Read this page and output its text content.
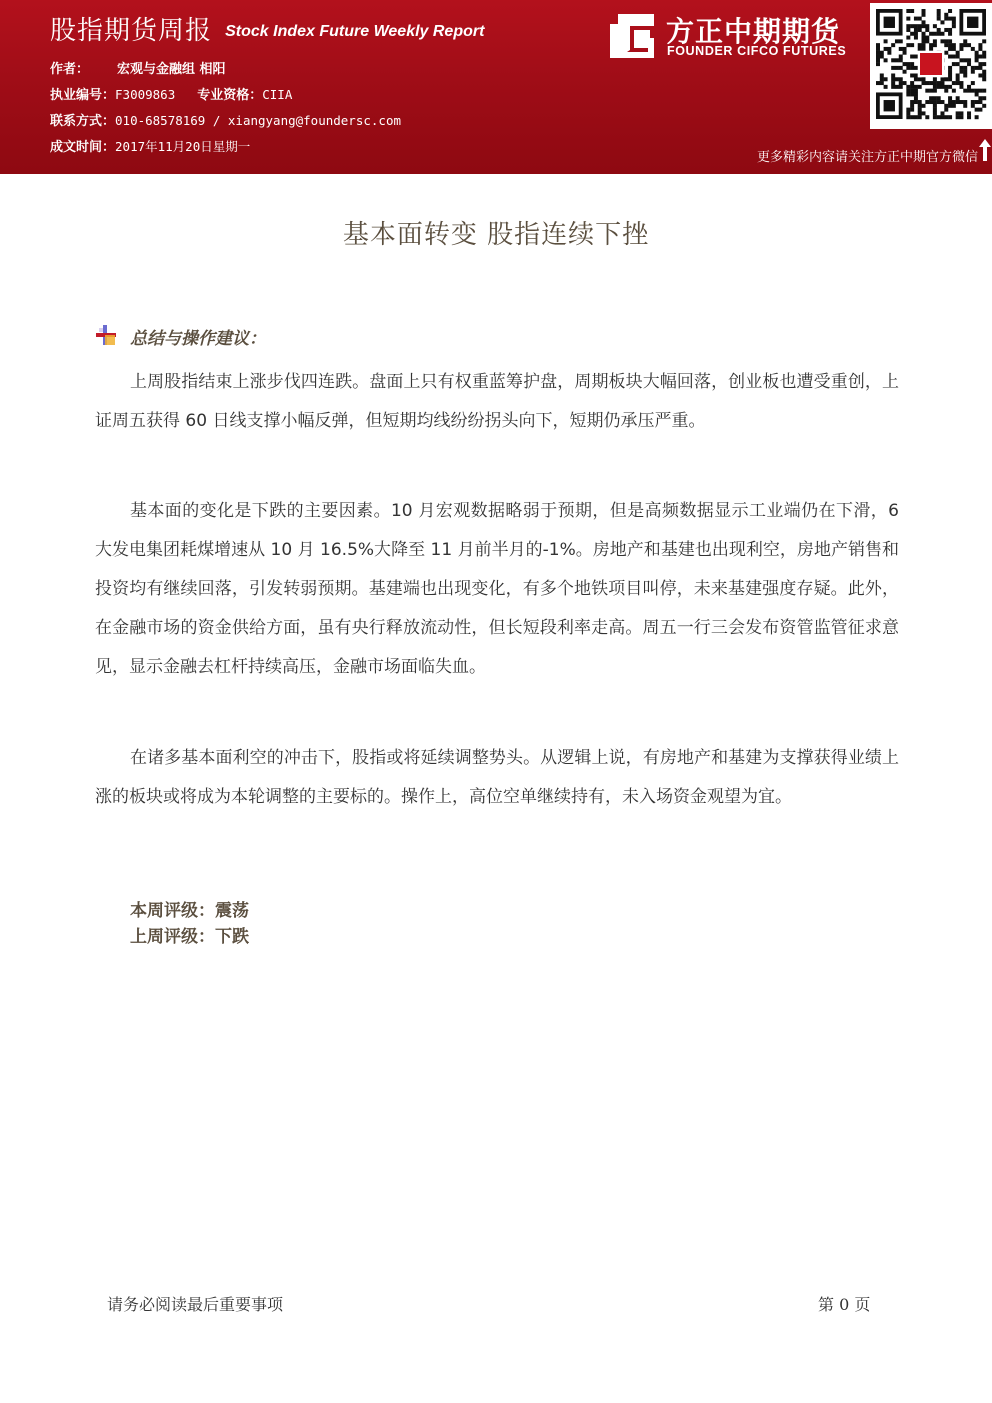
股指期货周报 Stock Index Future Weekly Report
作者： 宏观与金融组 相阳
执业编号：F3009863 专业资格：CIIA
联系方式：010-68578169 / xiangyang@foundersc.com
成文时间：2017年11月20日星期一
方正中期期货
FOUNDER CIFCO FUTURES
更多精彩内容请关注方正中期官方微信
基本面转变 股指连续下挫
总结与操作建议：

上周股指结束上涨步伐四连跌。盘面上只有权重蓝筹护盘，周期板块大幅回落，创业板也遭受重创，上证周五获得 60 日线支撑小幅反弹，但短期均线纷纷拐头向下，短期仍承压严重。

基本面的变化是下跌的主要因素。10 月宏观数据略弱于预期，但是高频数据显示工业端仍在下滑，6 大发电集团耗煤增速从 10 月 16.5%大降至 11 月前半月的-1%。房地产和基建也出现利空，房地产销售和投资均有继续回落，引发转弱预期。基建端也出现变化，有多个地铁项目叫停，未来基建强度存疑。此外，在金融市场的资金供给方面，虽有央行释放流动性，但长短段利率走高。周五一行三会发布资管监管征求意见，显示金融去杠杆持续高压，金融市场面临失血。

在诸多基本面利空的冲击下，股指或将延续调整势头。从逻辑上说，有房地产和基建为支撑获得业绩上涨的板块或将成为本轮调整的主要标的。操作上，高位空单继续持有，未入场资金观望为宜。

本周评级：震荡
上周评级：下跌
请务必阅读最后重要事项	第 0 页
